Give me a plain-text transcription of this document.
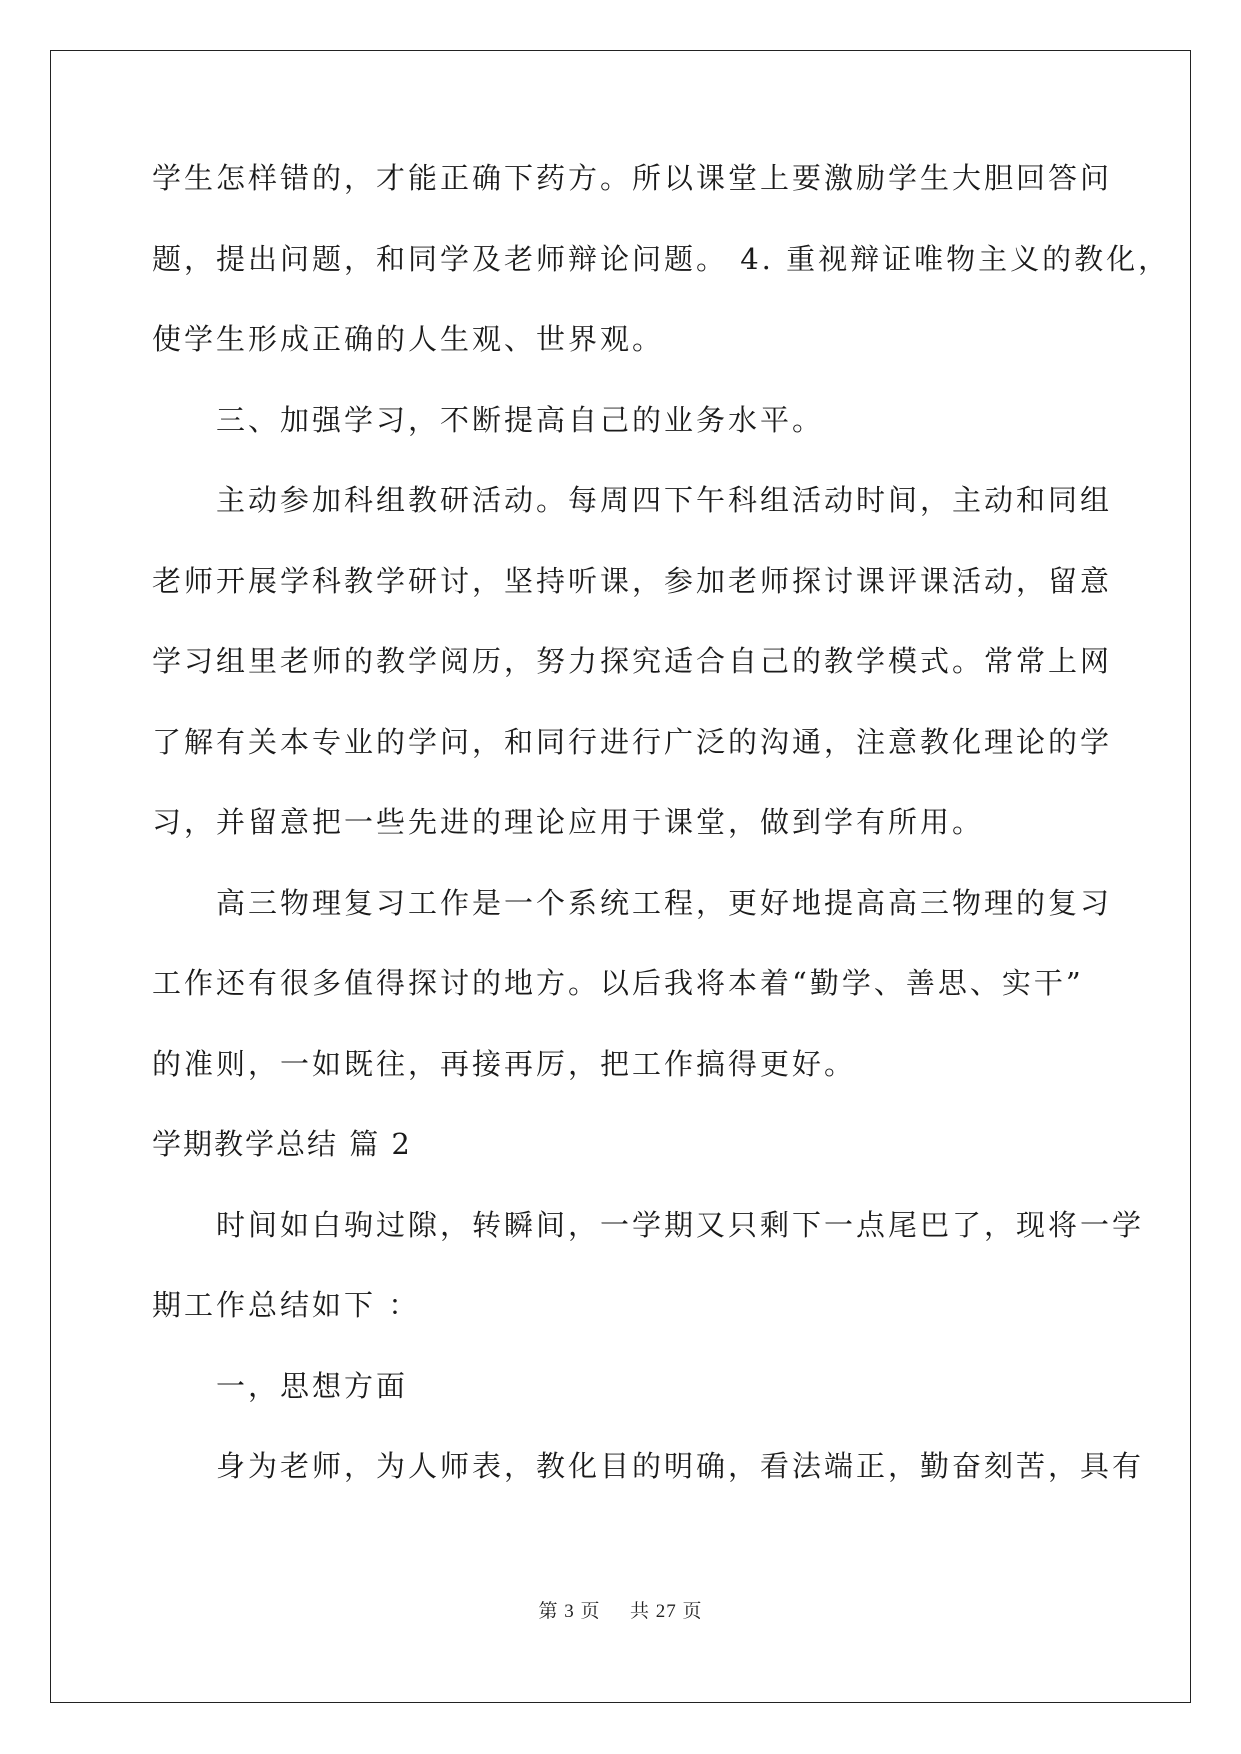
学生怎样错的，才能正确下药方。所以课堂上要激励学生大胆回答问
题，提出问题，和同学及老师辩论问题。 4. 重视辩证唯物主义的教化，
使学生形成正确的人生观、世界观。
三、加强学习，不断提高自己的业务水平。
主动参加科组教研活动。每周四下午科组活动时间，主动和同组
老师开展学科教学研讨，坚持听课，参加老师探讨课评课活动，留意
学习组里老师的教学阅历，努力探究适合自己的教学模式。常常上网
了解有关本专业的学问，和同行进行广泛的沟通，注意教化理论的学
习，并留意把一些先进的理论应用于课堂，做到学有所用。
高三物理复习工作是一个系统工程，更好地提高高三物理的复习
工作还有很多值得探讨的地方。以后我将本着“勤学、善思、实干”
的准则，一如既往，再接再厉，把工作搞得更好。
学期教学总结 篇 2
时间如白驹过隙，转瞬间，一学期又只剩下一点尾巴了，现将一学
期工作总结如下 ：
一，思想方面
身为老师，为人师表，教化目的明确，看法端正，勤奋刻苦，具有
第 3 页 共 27 页
